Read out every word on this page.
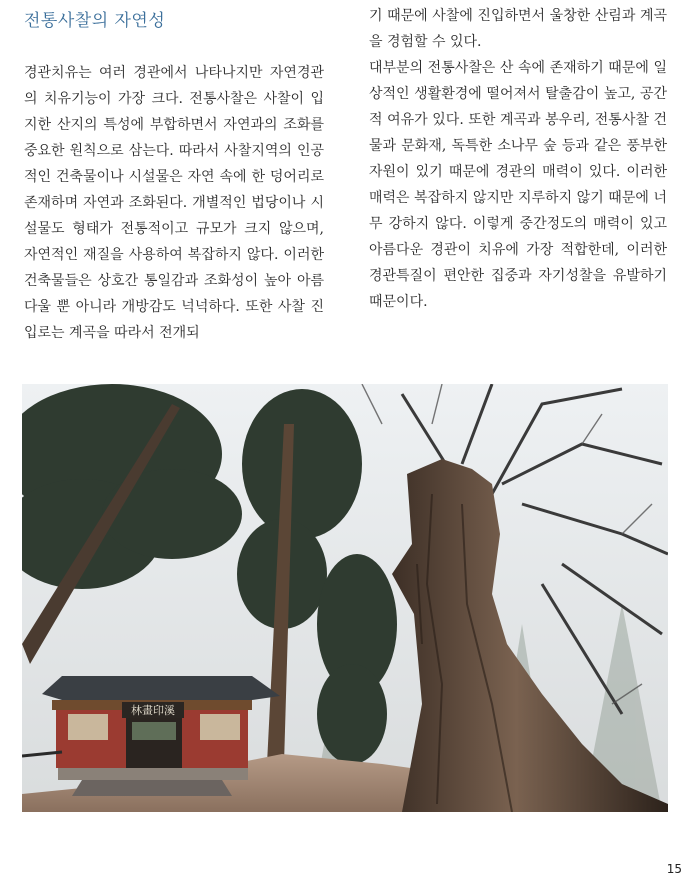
전통사찰의 자연성

경관치유는 여러 경관에서 나타나지만 자연경관의 치유기능이 가장 크다. 전통사찰은 사찰이 입지한 산지의 특성에 부합하면서 자연과의 조화를 중요한 원칙으로 삼는다. 따라서 사찰지역의 인공적인 건축물이나 시설물은 자연 속에 한 덩어리로 존재하며 자연과 조화된다. 개별적인 법당이나 시설물도 형태가 전통적이고 규모가 크지 않으며, 자연적인 재질을 사용하여 복잡하지 않다. 이러한 건축물들은 상호간 통일감과 조화성이 높아 아름다울 뿐 아니라 개방감도 넉넉하다. 또한 사찰 진입로는 계곡을 따라서 전개되

기 때문에 사찰에 진입하면서 울창한 산림과 계곡을 경험할 수 있다.

대부분의 전통사찰은 산 속에 존재하기 때문에 일상적인 생활환경에 떨어져서 탈출감이 높고, 공간적 여유가 있다. 또한 계곡과 봉우리, 전통사찰 건물과 문화재, 독특한 소나무 숲 등과 같은 풍부한 자원이 있기 때문에 경관의 매력이 있다. 이러한 매력은 복잡하지 않지만 지루하지 않기 때문에 너무 강하지 않다. 이렇게 중간정도의 매력이 있고 아름다운 경관이 치유에 가장 적합한데, 이러한 경관특질이 편안한 집중과 자기성찰을 유발하기 때문이다.

林畫印溪
15
